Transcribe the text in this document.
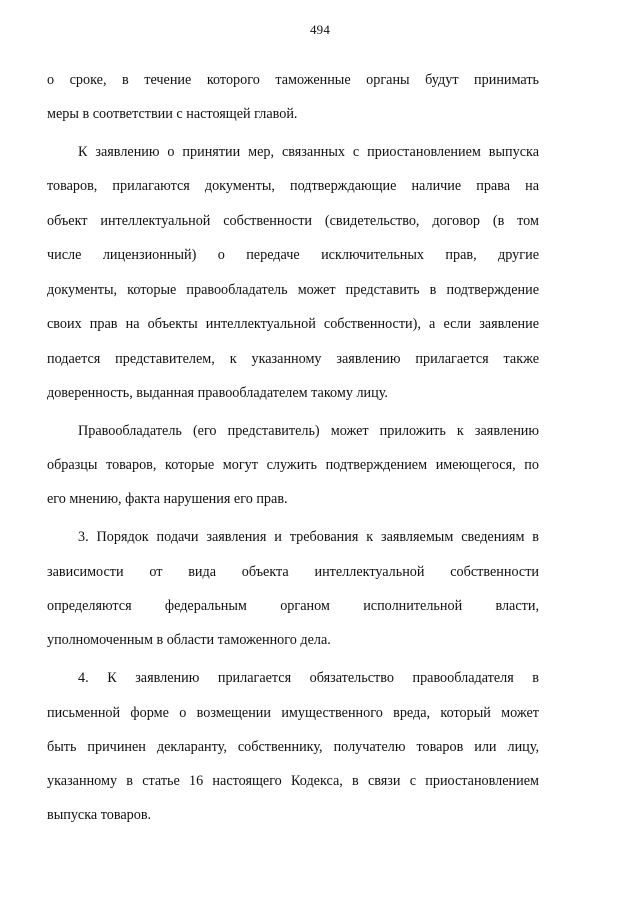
494
о сроке, в течение которого таможенные органы будут принимать
меры в соответствии с настоящей главой.
К заявлению о принятии мер, связанных с приостановлением выпуска
товаров, прилагаются документы, подтверждающие наличие права на
объект интеллектуальной собственности (свидетельство, договор (в том
числе лицензионный) о передаче исключительных прав, другие
документы, которые правообладатель может представить в подтверждение
своих прав на объекты интеллектуальной собственности), а если заявление
подается представителем, к указанному заявлению прилагается также
доверенность, выданная правообладателем такому лицу.
Правообладатель (его представитель) может приложить к заявлению
образцы товаров, которые могут служить подтверждением имеющегося, по
его мнению, факта нарушения его прав.
3. Порядок подачи заявления и требования к заявляемым сведениям в
зависимости от вида объекта интеллектуальной собственности
определяются федеральным органом исполнительной власти,
уполномоченным в области таможенного дела.
4. К заявлению прилагается обязательство правообладателя в
письменной форме о возмещении имущественного вреда, который может
быть причинен декларанту, собственнику, получателю товаров или лицу,
указанному в статье 16 настоящего Кодекса, в связи с приостановлением
выпуска товаров.
